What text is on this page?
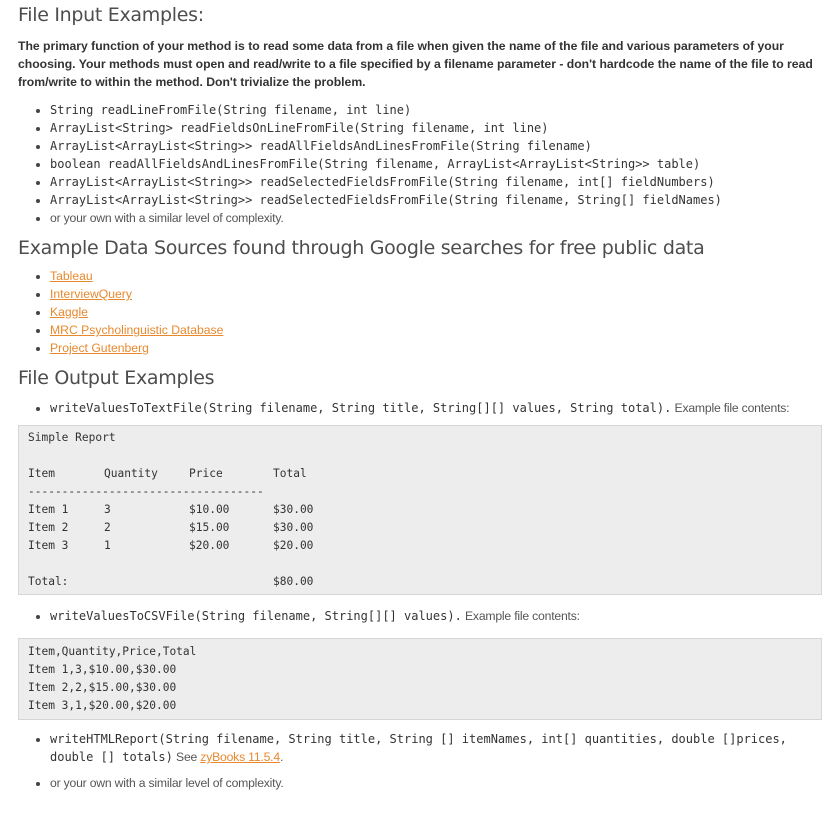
File Input Examples:

The primary function of your method is to read some data from a file when given the name of the file and various parameters of your choosing. Your methods must open and read/write to a file specified by a filename parameter - don't hardcode the name of the file to read from/write to within the method. Don't trivialize the problem.

• String readLineFromFile(String filename, int line)
• ArrayList<String> readFieldsOnLineFromFile(String filename, int line)
• ArrayList<ArrayList<String>> readAllFieldsAndLinesFromFile(String filename)
• boolean readAllFieldsAndLinesFromFile(String filename, ArrayList<ArrayList<String>> table)
• ArrayList<ArrayList<String>> readSelectedFieldsFromFile(String filename, int[] fieldNumbers)
• ArrayList<ArrayList<String>> readSelectedFieldsFromFile(String filename, String[] fieldNames)
• or your own with a similar level of complexity.
Example Data Sources found through Google searches for free public data
• Tableau
• InterviewQuery
• Kaggle
• MRC Psycholinguistic Database
• Project Gutenberg
File Output Examples
• writeValuesToTextFile(String filename, String title, String[][] values, String total). Example file contents:
Simple Report

Item	Quantity	Price	Total
-----------------------------------			
Item 1	3	$10.00	$30.00
Item 2	2	$15.00	$30.00
Item 3	1	$20.00	$20.00

Total:			$80.00
• writeValuesToCSVFile(String filename, String[][] values). Example file contents:
Item,Quantity,Price,Total
Item 1,3,$10.00,$30.00
Item 2,2,$15.00,$30.00
Item 3,1,$20.00,$20.00
• writeHTMLReport(String filename, String title, String [] itemNames, int[] quantities, double []prices, double [] totals) See zyBooks 11.5.4.
• or your own with a similar level of complexity.
